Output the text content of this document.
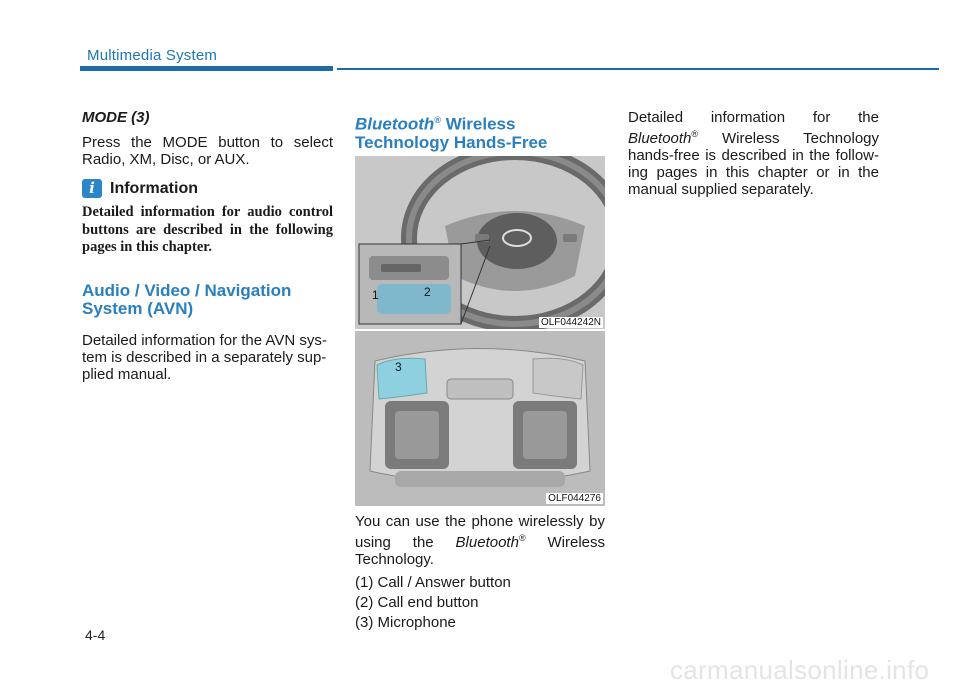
Multimedia System

MODE (3)

Press the MODE button to select Radio, XM, Disc, or AUX.

i Information

Detailed information for audio control buttons are described in the following pages in this chapter.

Audio / Video / Navigation
System (AVN)

Detailed information for the AVN sys- tem is described in a separately sup- plied manual.

Bluetooth® Wireless
Technology Hands-Free

1	2
OLF044242N
3
OLF044276

You can use the phone wirelessly by using the Bluetooth® Wireless Technology.

(1) Call / Answer button

(2) Call end button

(3) Microphone

Detailed information for the Bluetooth® Wireless Technology hands-free is described in the follow- ing pages in this chapter or in the manual supplied separately.

4-4
carmanualsonline.info
